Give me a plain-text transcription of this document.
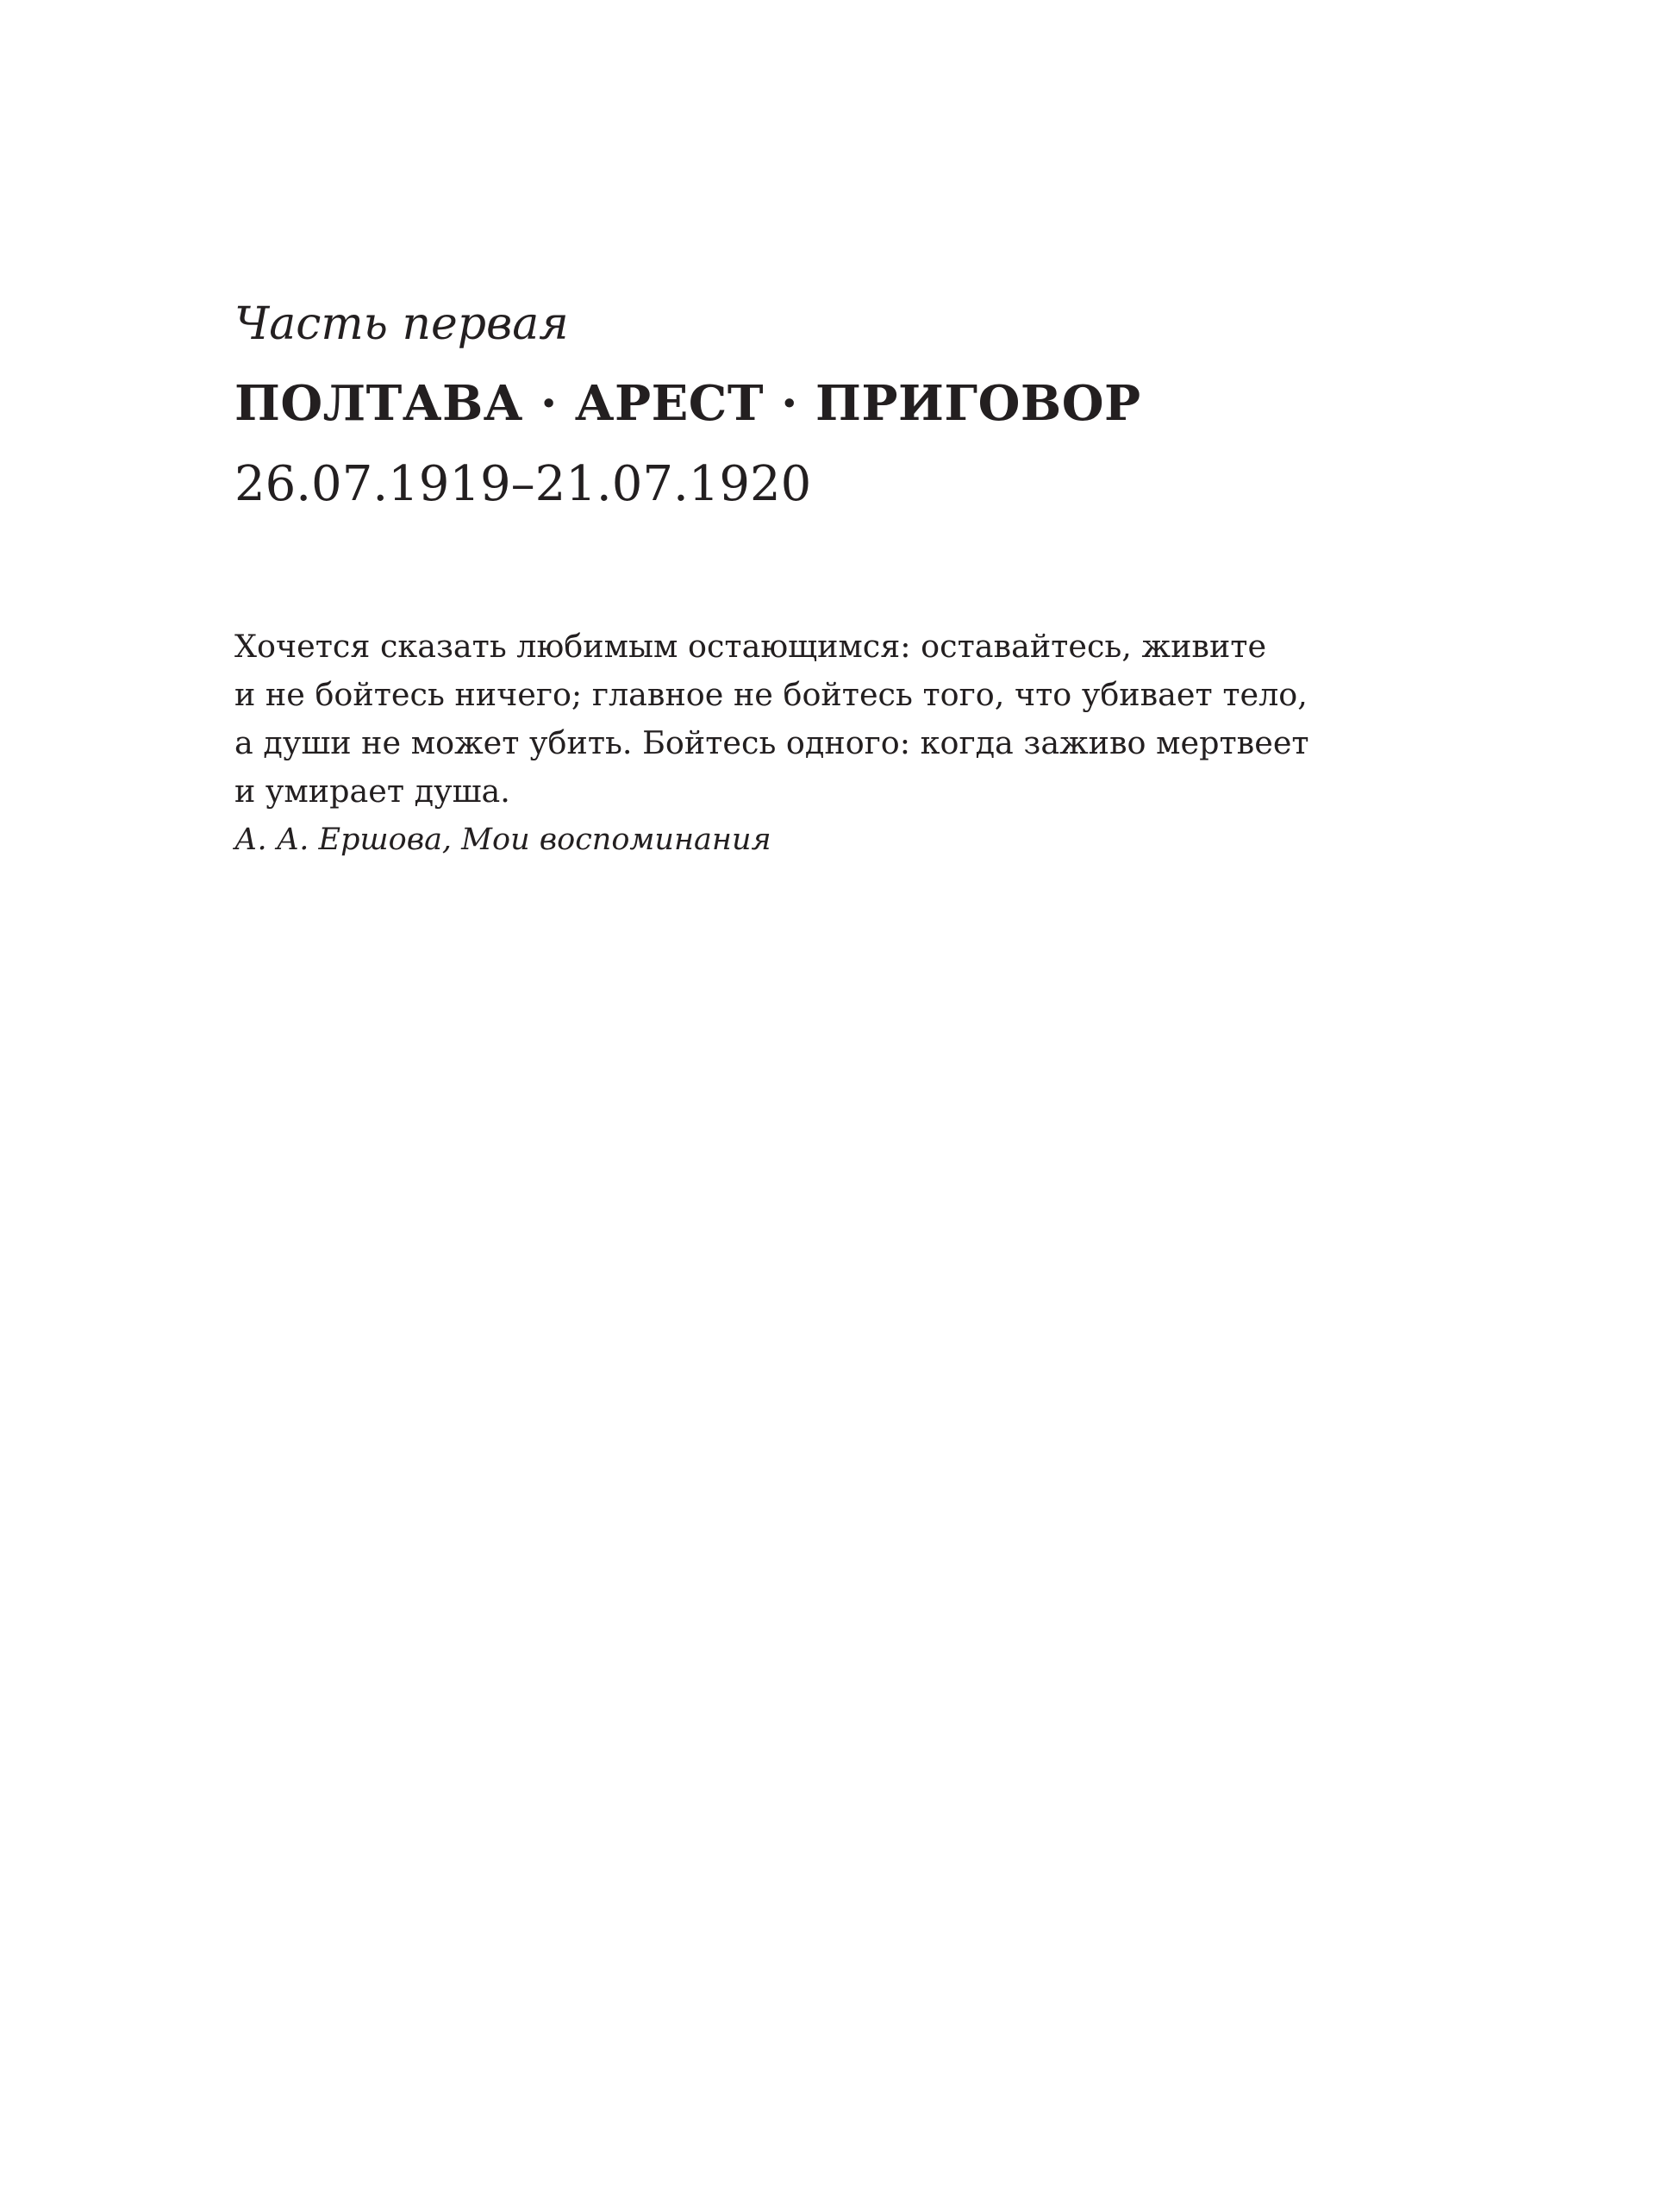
Часть первая

ПОЛТАВА · АРЕСТ · ПРИГОВОР

26.07.1919–21.07.1920

Хочется сказать любимым остающимся: оставайтесь, живите

и не бойтесь ничего; главное не бойтесь того, что убивает тело,

а души не может убить. Бойтесь одного: когда заживо мертвеет

и умирает душа.

А. А. Ершова, Мои воспоминания
